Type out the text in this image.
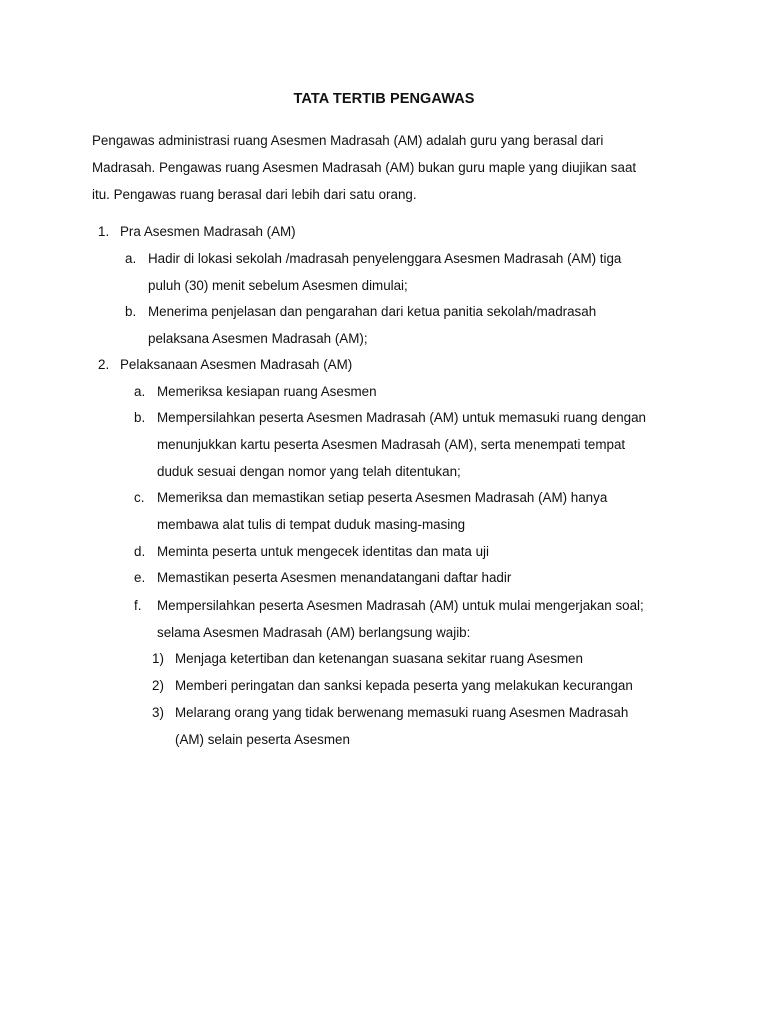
TATA TERTIB PENGAWAS
Pengawas administrasi ruang Asesmen Madrasah (AM) adalah guru yang berasal dari
Madrasah. Pengawas ruang Asesmen Madrasah (AM) bukan guru maple yang diujikan saat
itu. Pengawas ruang berasal dari lebih dari satu orang.
1. Pra Asesmen Madrasah (AM)
a. Hadir di lokasi sekolah /madrasah penyelenggara Asesmen Madrasah (AM) tiga
puluh (30) menit sebelum Asesmen dimulai;
b. Menerima penjelasan dan pengarahan dari ketua panitia sekolah/madrasah
pelaksana Asesmen Madrasah (AM);
2. Pelaksanaan Asesmen Madrasah (AM)
a. Memeriksa kesiapan ruang Asesmen
b. Mempersilahkan peserta Asesmen Madrasah (AM) untuk memasuki ruang dengan
menunjukkan kartu peserta Asesmen Madrasah (AM), serta menempati tempat
duduk sesuai dengan nomor yang telah ditentukan;
c. Memeriksa dan memastikan setiap peserta Asesmen Madrasah (AM) hanya
membawa alat tulis di tempat duduk masing-masing
d. Meminta peserta untuk mengecek identitas dan mata uji
e. Memastikan peserta Asesmen menandatangani daftar hadir
f. Mempersilahkan peserta Asesmen Madrasah (AM) untuk mulai mengerjakan soal;
selama Asesmen Madrasah (AM) berlangsung wajib:
1) Menjaga ketertiban dan ketenangan suasana sekitar ruang Asesmen
2) Memberi peringatan dan sanksi kepada peserta yang melakukan kecurangan
3) Melarang orang yang tidak berwenang memasuki ruang Asesmen Madrasah
(AM) selain peserta Asesmen
